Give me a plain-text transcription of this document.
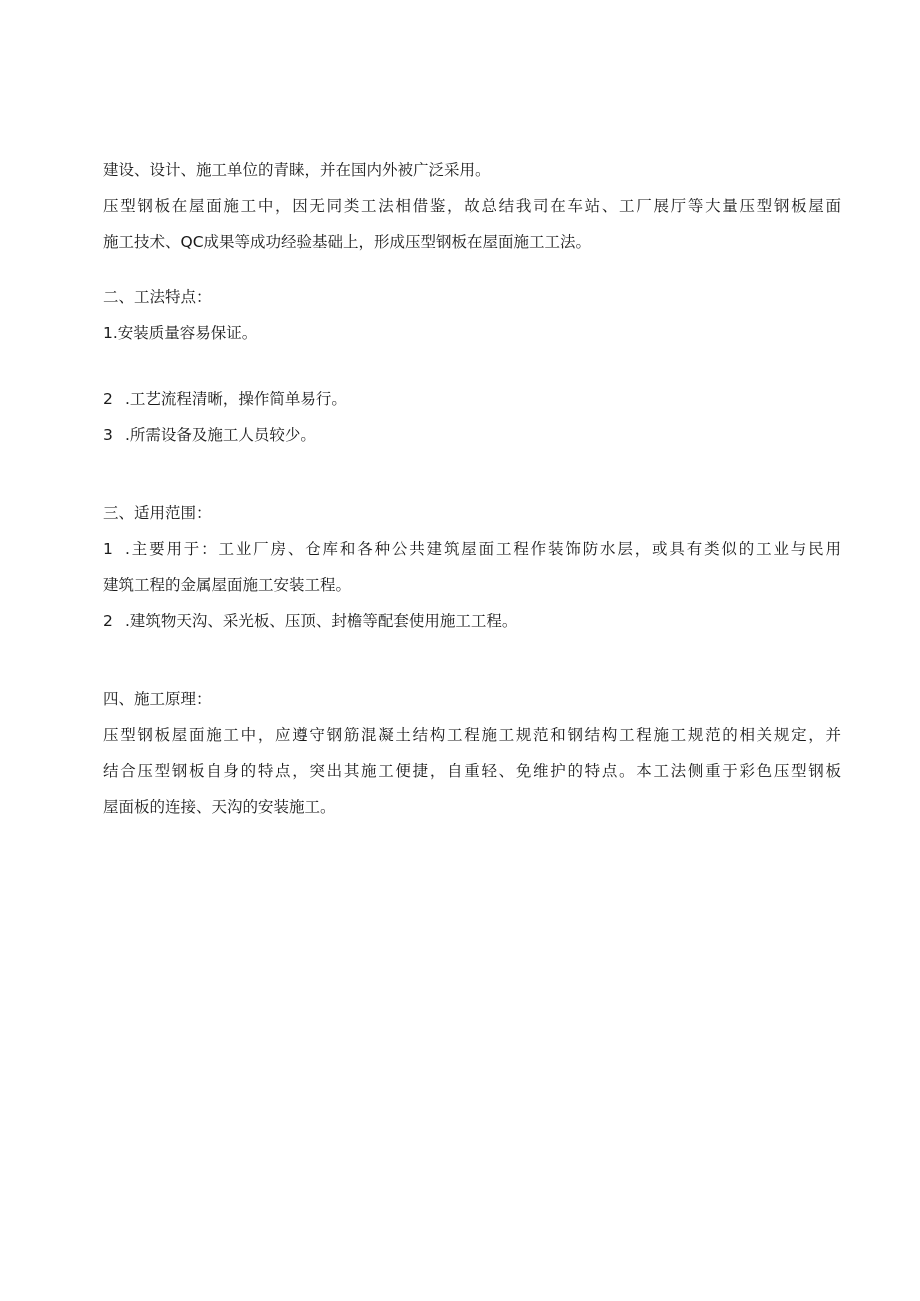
建设、设计、施工单位的青睐，并在国内外被广泛采用。
压型钢板在屋面施工中，因无同类工法相借鉴，故总结我司在车站、工厂展厅等大量压型钢板屋面
施工技术、QC成果等成功经验基础上，形成压型钢板在屋面施工工法。
二、工法特点：
1.安装质量容易保证。
2 .工艺流程清晰，操作简单易行。
3 .所需设备及施工人员较少。
三、适用范围：
1 .主要用于：工业厂房、仓库和各种公共建筑屋面工程作装饰防水层，或具有类似的工业与民用
建筑工程的金属屋面施工安装工程。
2 .建筑物天沟、采光板、压顶、封檐等配套使用施工工程。
四、施工原理：
压型钢板屋面施工中，应遵守钢筋混凝土结构工程施工规范和钢结构工程施工规范的相关规定，并
结合压型钢板自身的特点，突出其施工便捷，自重轻、免维护的特点。本工法侧重于彩色压型钢板
屋面板的连接、天沟的安装施工。
